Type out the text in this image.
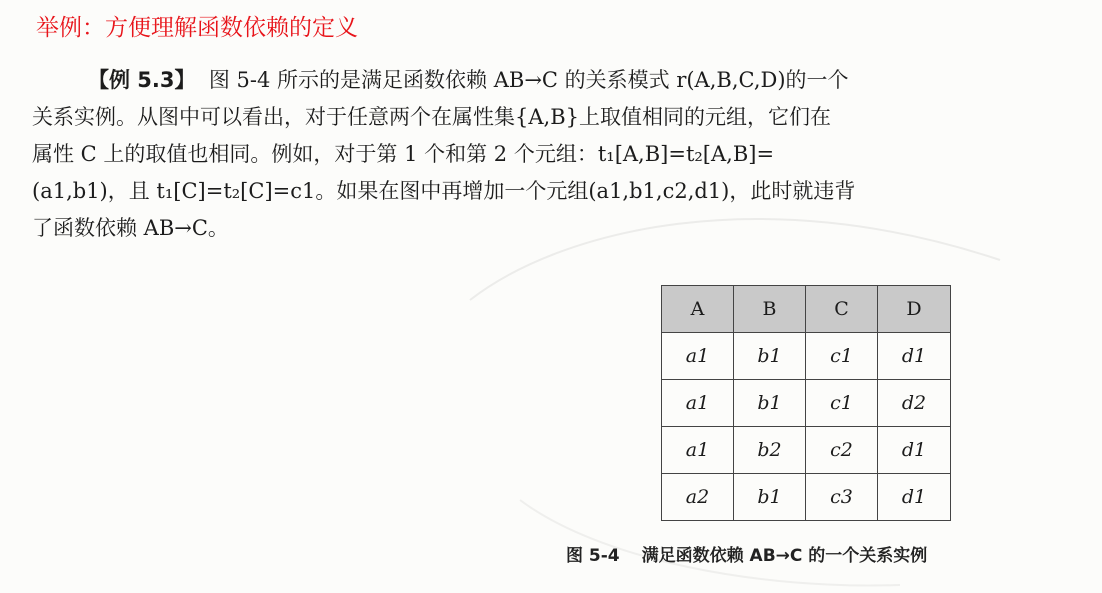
举例：方便理解函数依赖的定义
【例 5.3】 图 5-4 所示的是满足函数依赖 AB→C 的关系模式 r(A,B,C,D)的一个
关系实例。从图中可以看出，对于任意两个在属性集{A,B}上取值相同的元组，它们在
属性 C 上的取值也相同。例如，对于第 1 个和第 2 个元组：t₁[A,B]=t₂[A,B]=
(a1,b1)，且 t₁[C]=t₂[C]=c1。如果在图中再增加一个元组(a1,b1,c2,d1)，此时就违背
了函数依赖 AB→C。
A	B	C	D
a1	b1	c1	d1
a1	b1	c1	d2
a1	b2	c2	d1
a2	b1	c3	d1
图 5-4 满足函数依赖 AB→C 的一个关系实例
